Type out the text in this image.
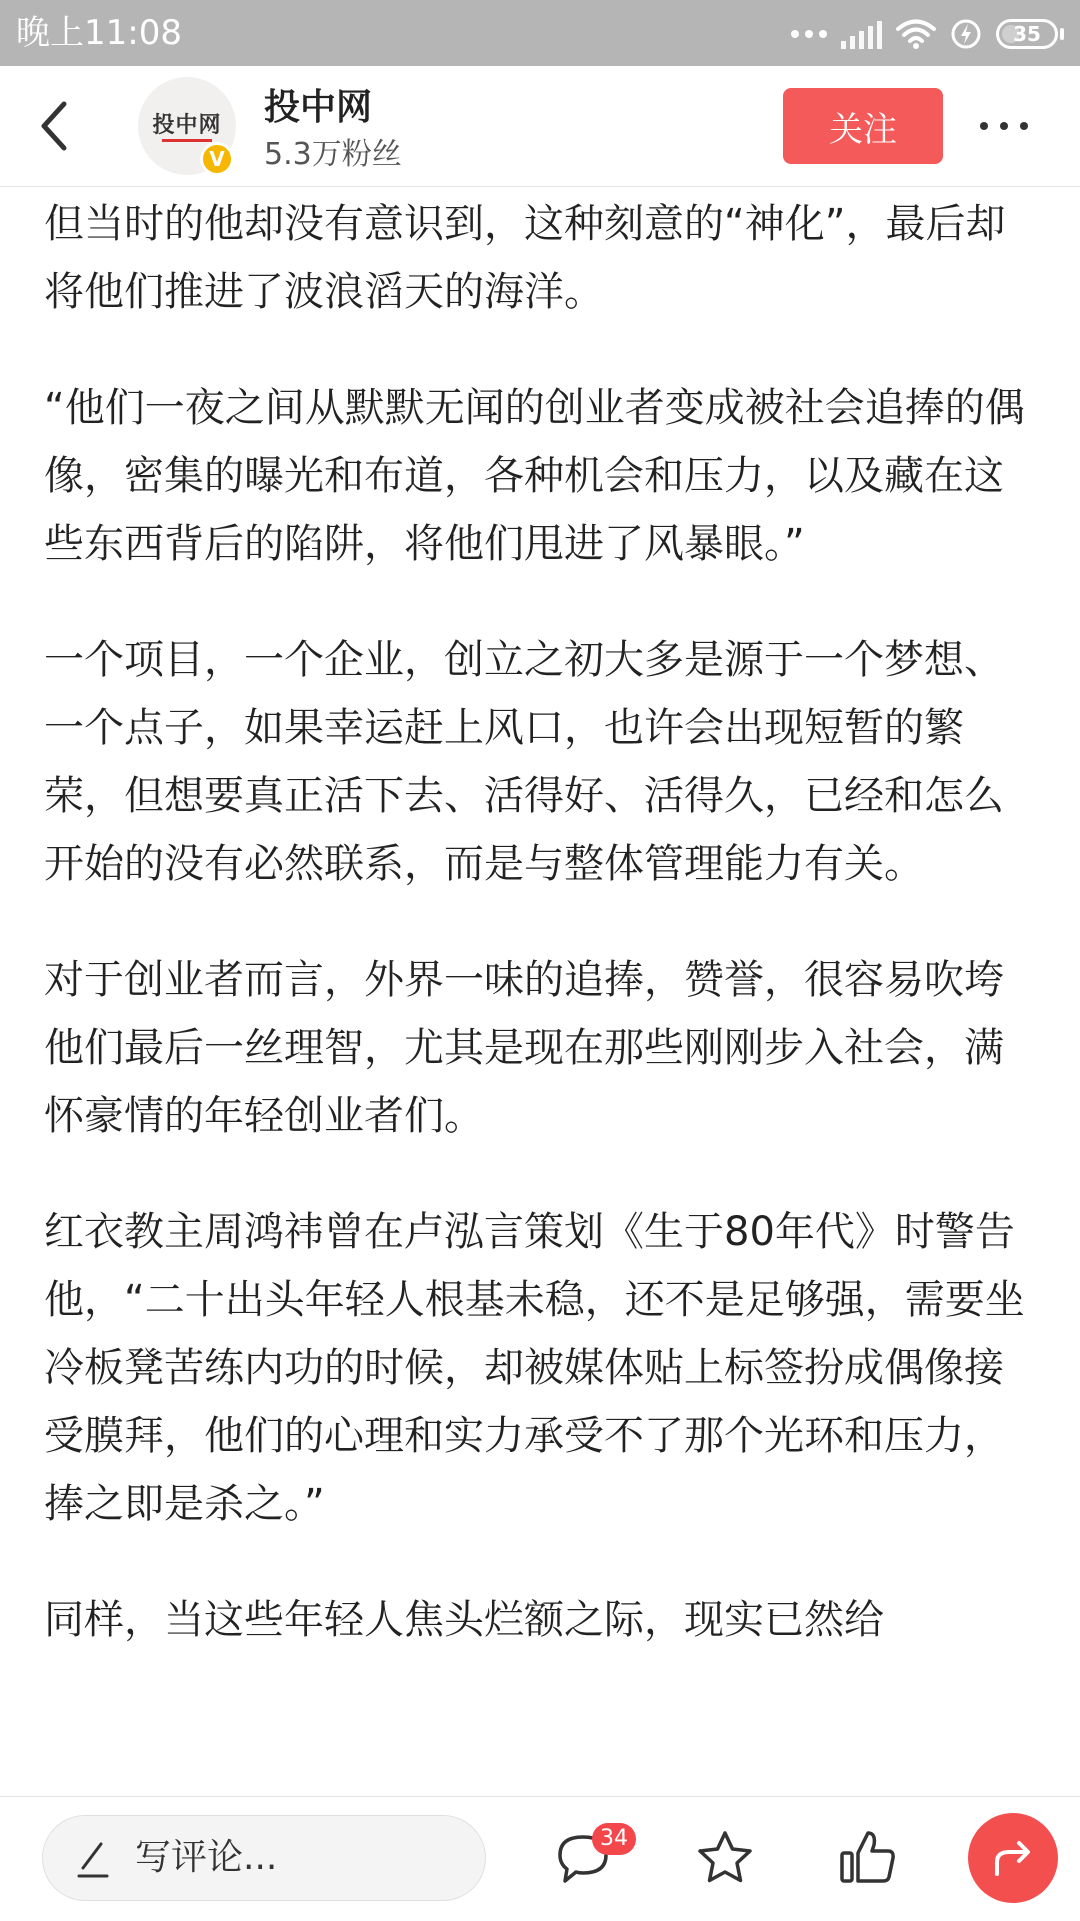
晚上11:08	35
投中网
V
投中网
5.3万粉丝
关注

但当时的他却没有意识到，这种刻意的“神化”，最后却将他们推进了波浪滔天的海洋。

“他们一夜之间从默默无闻的创业者变成被社会追捧的偶像，密集的曝光和布道，各种机会和压力，以及藏在这些东西背后的陷阱，将他们甩进了风暴眼。”

一个项目，一个企业，创立之初大多是源于一个梦想、一个点子，如果幸运赶上风口，也许会出现短暂的繁荣，但想要真正活下去、活得好、活得久，已经和怎么开始的没有必然联系，而是与整体管理能力有关。

对于创业者而言，外界一味的追捧，赞誉，很容易吹垮他们最后一丝理智，尤其是现在那些刚刚步入社会，满怀豪情的年轻创业者们。

红衣教主周鸿祎曾在卢泓言策划《生于80年代》时警告他，“二十出头年轻人根基未稳，还不是足够强，需要坐冷板凳苦练内功的时候，却被媒体贴上标签扮成偶像接受膜拜，他们的心理和实力承受不了那个光环和压力，捧之即是杀之。”

同样，当这些年轻人焦头烂额之际，现实已然给

写评论...	34
